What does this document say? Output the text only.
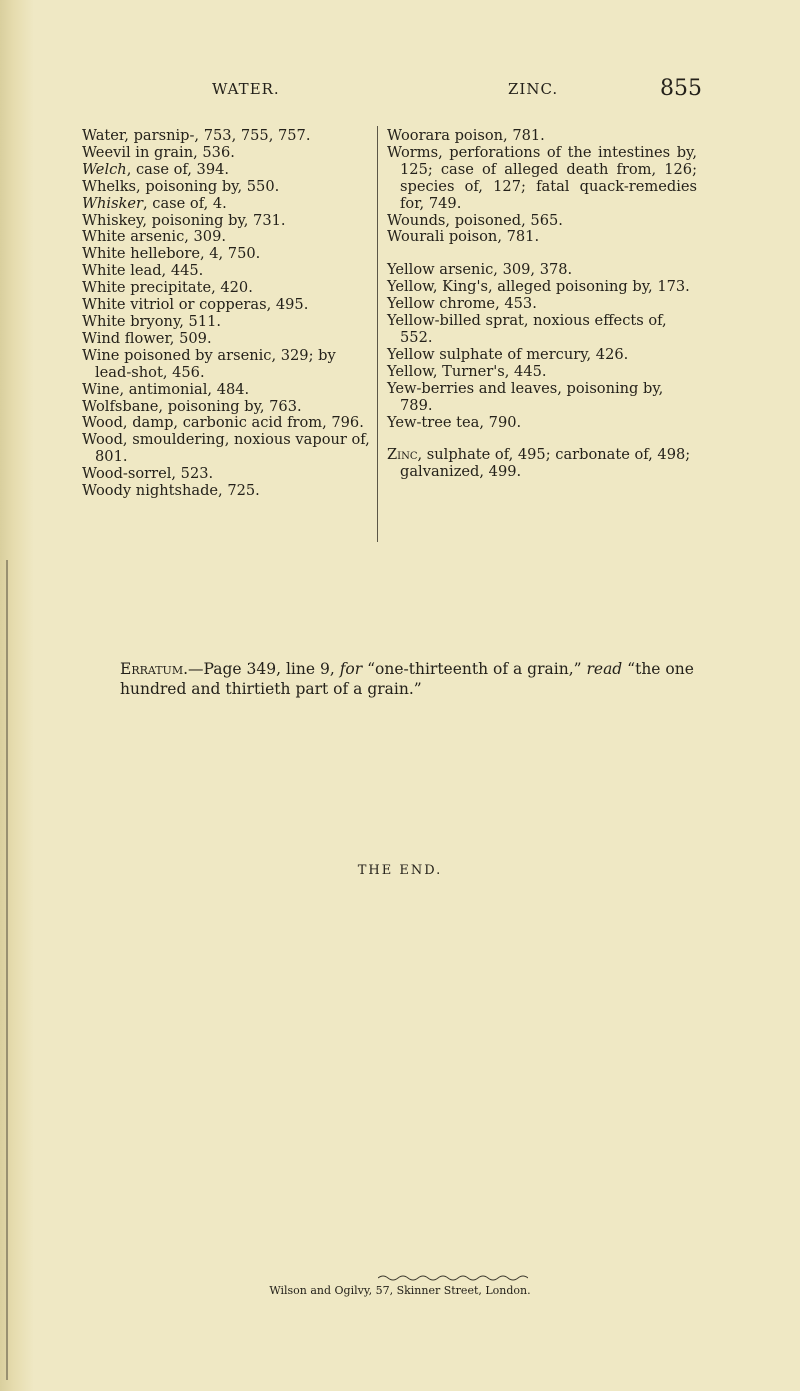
WATER.	ZINC.	855

Water, parsnip-, 753, 755, 757.

Weevil in grain, 536.

Welch, case of, 394.

Whelks, poisoning by, 550.

Whisker, case of, 4.

Whiskey, poisoning by, 731.

White arsenic, 309.

White hellebore, 4, 750.

White lead, 445.

White precipitate, 420.

White vitriol or copperas, 495.

White bryony, 511.

Wind flower, 509.

Wine poisoned by arsenic, 329; by lead-shot, 456.

Wine, antimonial, 484.

Wolfsbane, poisoning by, 763.

Wood, damp, carbonic acid from, 796.

Wood, smouldering, noxious vapour of, 801.

Wood-sorrel, 523.

Woody nightshade, 725.

Woorara poison, 781.

Worms, perforations of the intestines by, 125; case of alleged death from, 126; species of, 127; fatal quack-remedies for, 749.

Wounds, poisoned, 565.

Wourali poison, 781.

Yellow arsenic, 309, 378.

Yellow, King's, alleged poisoning by, 173.

Yellow chrome, 453.

Yellow-billed sprat, noxious effects of, 552.

Yellow sulphate of mercury, 426.

Yellow, Turner's, 445.

Yew-berries and leaves, poisoning by, 789.

Yew-tree tea, 790.

Zinc, sulphate of, 495; carbonate of, 498; galvanized, 499.

Erratum.—Page 349, line 9, for “one-thirteenth of a grain,” read “the one hundred and thirtieth part of a grain.”
THE END.
Wilson and Ogilvy, 57, Skinner Street, London.
